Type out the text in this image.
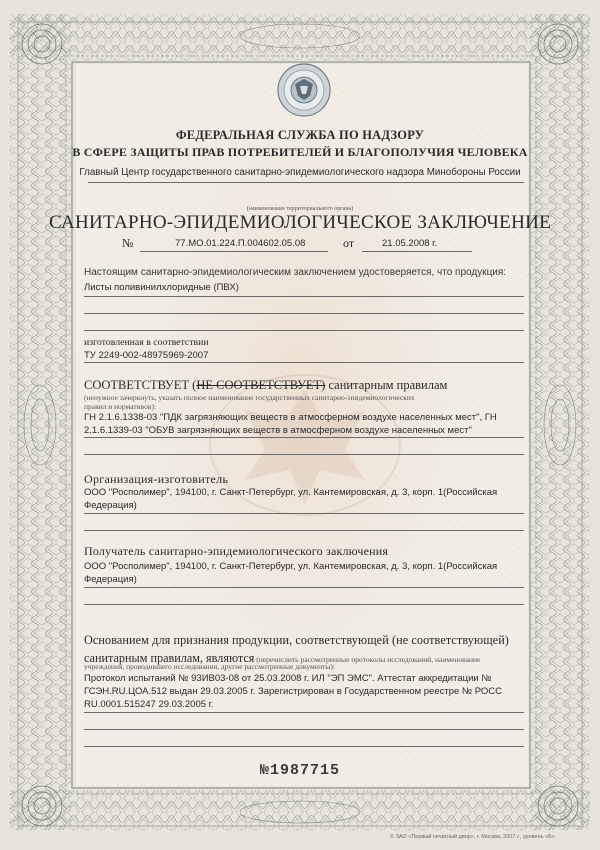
ФЕДЕРАЛЬНАЯ СЛУЖБА ПО НАДЗОРУ
В СФЕРЕ ЗАЩИТЫ ПРАВ ПОТРЕБИТЕЛЕЙ И БЛАГОПОЛУЧИЯ ЧЕЛОВЕКА
Главный Центр государственного санитарно-эпидемиологического надзора Минобороны России
(наименование территориального органа)
САНИТАРНО-ЭПИДЕМИОЛОГИЧЕСКОЕ ЗАКЛЮЧЕНИЕ
№	77.МО.01.224.П.004602.05.08	от	21.05.2008 г.
Настоящим санитарно-эпидемиологическим заключением удостоверяется, что продукция:
Листы поливинилхлоридные (ПВХ)
изготовленная в соответствии
ТУ 2249-002-48975969-2007
СООТВЕТСТВУЕТ (НЕ СООТВЕТСТВУЕТ) санитарным правилам
(ненужное зачеркнуть, указать полное наименование государственных санитарно-эпидемиологических
правил и нормативов):
ГН 2.1.6.1338-03 "ПДК загрязняющих веществ в атмосферном воздухе населенных мест", ГН
2.1.6.1339-03 "ОБУВ загрязняющих веществ в атмосферном воздухе населенных мест"
Организация-изготовитель
ООО "Росполимер", 194100, г. Санкт-Петербург, ул. Кантемировская, д. 3, корп. 1(Российская
Федерация)
Получатель санитарно-эпидемиологического заключения
ООО "Росполимер", 194100, г. Санкт-Петербург, ул. Кантемировская, д. 3, корп. 1(Российская
Федерация)
Основанием для признания продукции, соответствующей (не соответствующей)
санитарным правилам, являются (перечислить рассмотренные протоколы исследований, наименование
учреждения, проводившего исследования, другие рассмотренные документы):
Протокол испытаний № 93ИВ03-08 от 25.03.2008 г. ИЛ "ЭП ЭМС". Аттестат аккредитации №
ГСЭН.RU.ЦОА.512 выдан 29.03.2005 г. Зарегистрирован в Государственном реестре № РОСС
RU.0001.515247 29.03.2005 г.
№1987715
© ЗАО «Первый печатный двор», г. Москва, 2007 г., уровень «Б»
